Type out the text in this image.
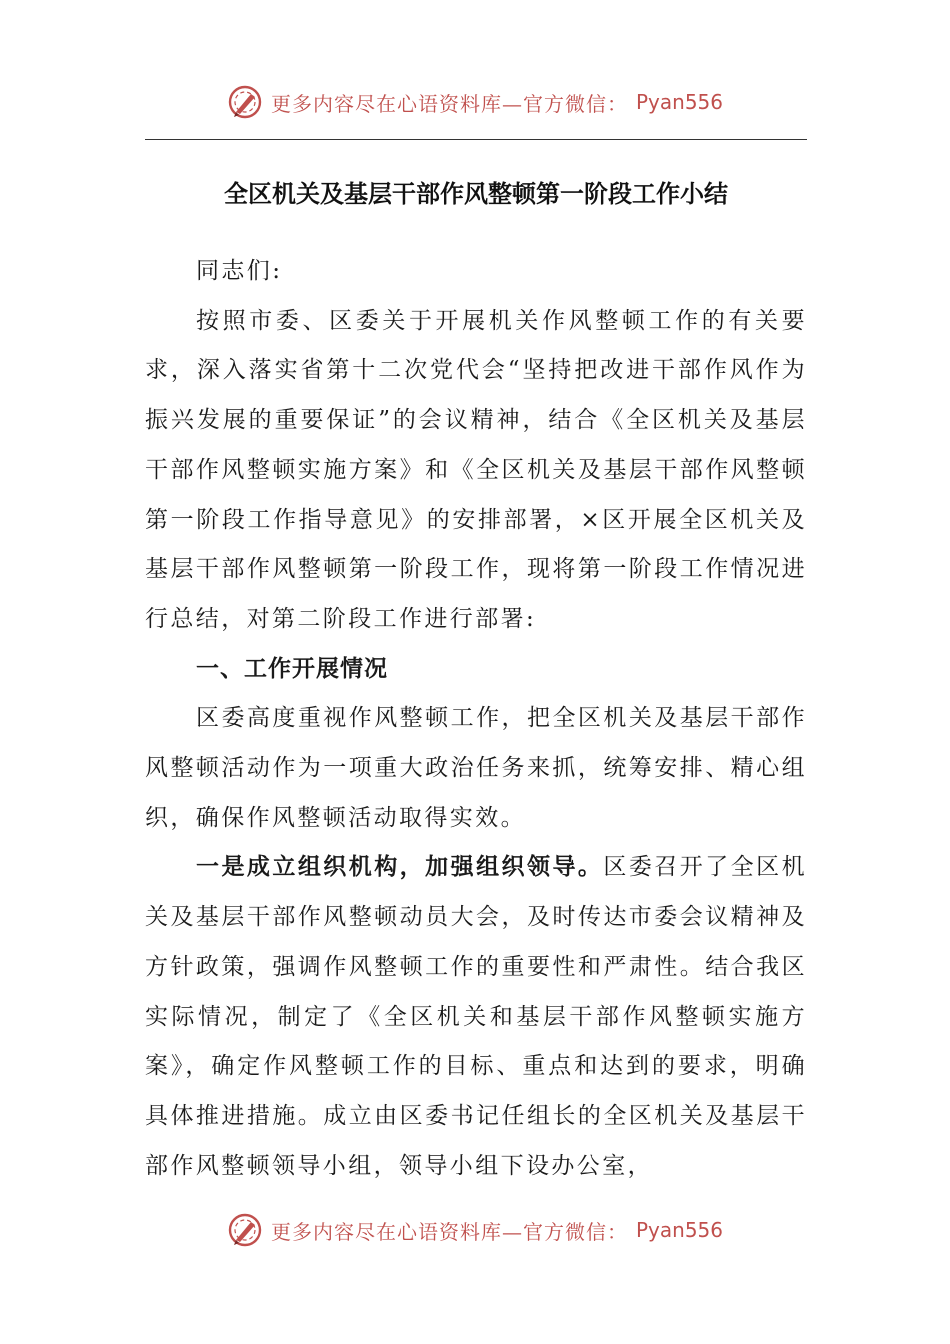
更多内容尽在心语资料库—官方微信： Pyan556
全区机关及基层干部作风整顿第一阶段工作小结

同志们:

按照市委、区委关于开展机关作风整顿工作的有关要求，深入落实省第十二次党代会“坚持把改进干部作风作为振兴发展的重要保证”的会议精神，结合《全区机关及基层干部作风整顿实施方案》和《全区机关及基层干部作风整顿第一阶段工作指导意见》的安排部署，×区开展全区机关及基层干部作风整顿第一阶段工作，现将第一阶段工作情况进行总结，对第二阶段工作进行部署:

一、工作开展情况

区委高度重视作风整顿工作，把全区机关及基层干部作风整顿活动作为一项重大政治任务来抓，统筹安排、精心组织，确保作风整顿活动取得实效。

一是成立组织机构，加强组织领导。区委召开了全区机关及基层干部作风整顿动员大会，及时传达市委会议精神及方针政策，强调作风整顿工作的重要性和严肃性。结合我区实际情况，制定了《全区机关和基层干部作风整顿实施方案》，确定作风整顿工作的目标、重点和达到的要求，明确具体推进措施。成立由区委书记任组长的全区机关及基层干部作风整顿领导小组，领导小组下设办公室，

更多内容尽在心语资料库—官方微信： Pyan556
